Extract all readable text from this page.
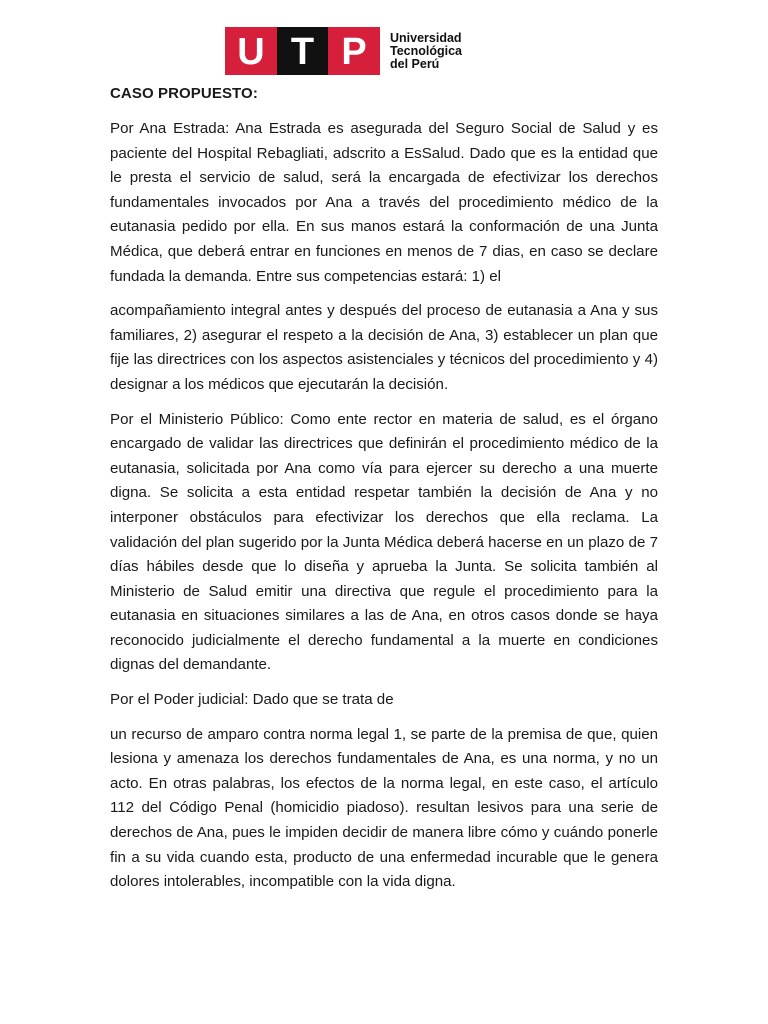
U T P Universidad
Tecnológica
del Perú
CASO PROPUESTO:

Por Ana Estrada: Ana Estrada es asegurada del Seguro Social de Salud y es paciente del Hospital Rebagliati, adscrito a EsSalud. Dado que es la entidad que le presta el servicio de salud, será la encargada de efectivizar los derechos fundamentales invocados por Ana a través del procedimiento médico de la eutanasia pedido por ella. En sus manos estará la conformación de una Junta Médica, que deberá entrar en funciones en menos de 7 dias, en caso se declare fundada la demanda. Entre sus competencias estará: 1) el

acompañamiento integral antes y después del proceso de eutanasia a Ana y sus familiares, 2) asegurar el respeto a la decisión de Ana, 3) establecer un plan que fije las directrices con los aspectos asistenciales y técnicos del procedimiento y 4) designar a los médicos que ejecutarán la decisión.

Por el Ministerio Público: Como ente rector en materia de salud, es el órgano encargado de validar las directrices que definirán el procedimiento médico de la eutanasia, solicitada por Ana como vía para ejercer su derecho a una muerte digna. Se solicita a esta entidad respetar también la decisión de Ana y no interponer obstáculos para efectivizar los derechos que ella reclama. La validación del plan sugerido por la Junta Médica deberá hacerse en un plazo de 7 días hábiles desde que lo diseña y aprueba la Junta. Se solicita también al Ministerio de Salud emitir una directiva que regule el procedimiento para la eutanasia en situaciones similares a las de Ana, en otros casos donde se haya reconocido judicialmente el derecho fundamental a la muerte en condiciones dignas del demandante.

Por el Poder judicial: Dado que se trata de

un recurso de amparo contra norma legal 1, se parte de la premisa de que, quien lesiona y amenaza los derechos fundamentales de Ana, es una norma, y no un acto. En otras palabras, los efectos de la norma legal, en este caso, el artículo 112 del Código Penal (homicidio piadoso). resultan lesivos para una serie de derechos de Ana, pues le impiden decidir de manera libre cómo y cuándo ponerle fin a su vida cuando esta, producto de una enfermedad incurable que le genera dolores intolerables, incompatible con la vida digna.
